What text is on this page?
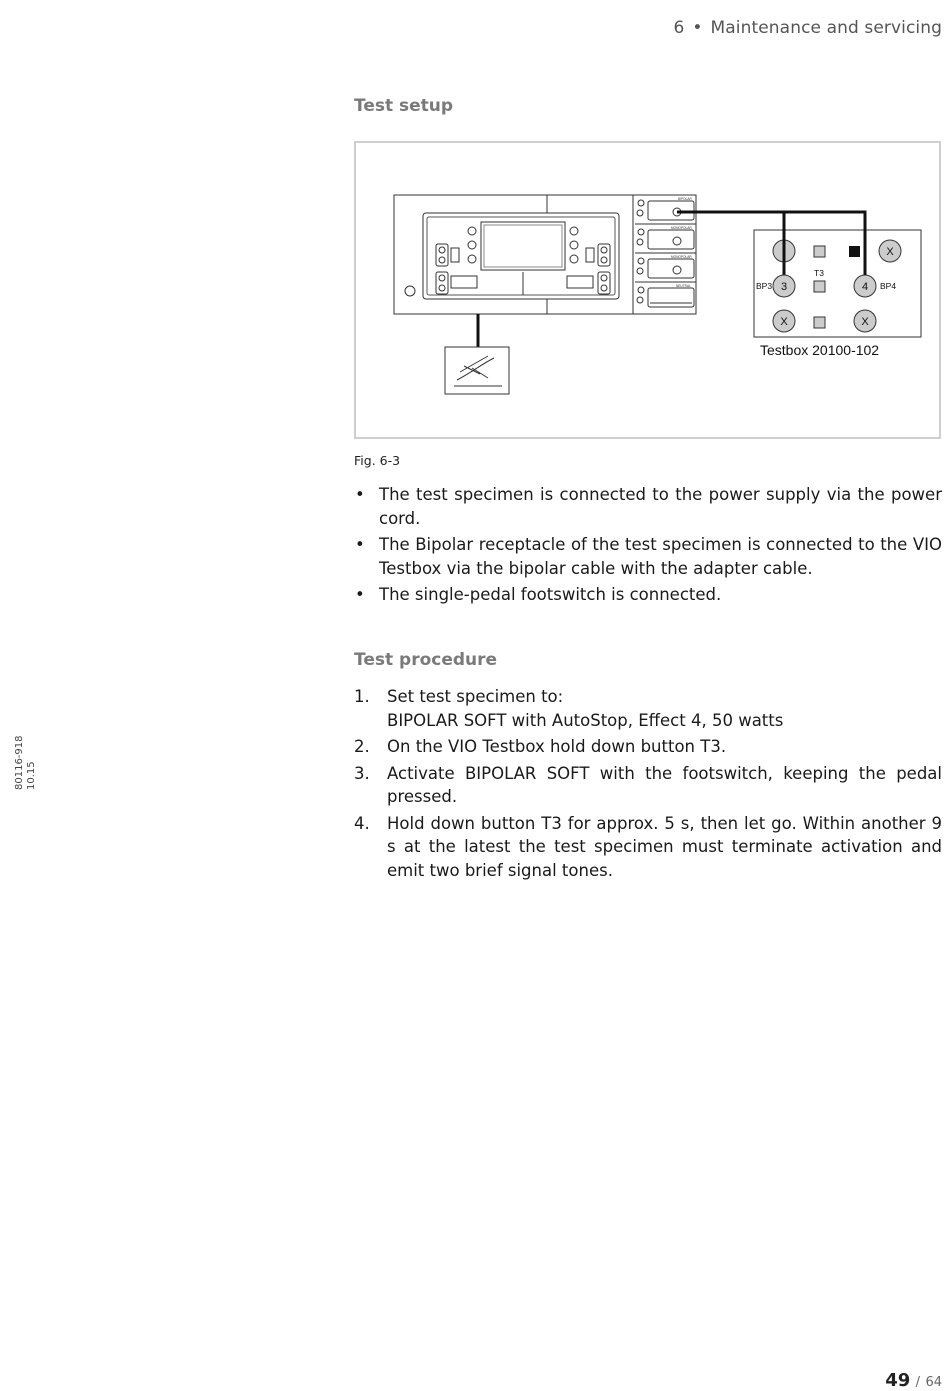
6 • Maintenance and servicing
Test setup
BIPOLAR
MONOPOLAR
MONOPOLAR
NEUTRAL
X
3	4
X	X
BP3	BP4
T3
Testbox 20100-102
Fig. 6-3
• The test specimen is connected to the power supply via the power cord.
• The Bipolar receptacle of the test specimen is connected to the VIO Testbox via the bipolar cable with the adapter cable.
• The single-pedal footswitch is connected.
Test procedure
1. Set test specimen to:
BIPOLAR SOFT with AutoStop, Effect 4, 50 watts
2. On the VIO Testbox hold down button T3.
3. Activate BIPOLAR SOFT with the footswitch, keeping the pedal pressed.
4. Hold down button T3 for approx. 5 s, then let go. Within another 9 s at the latest the test specimen must terminate activation and emit two brief signal tones.
80116-918 10.15
49 / 64
